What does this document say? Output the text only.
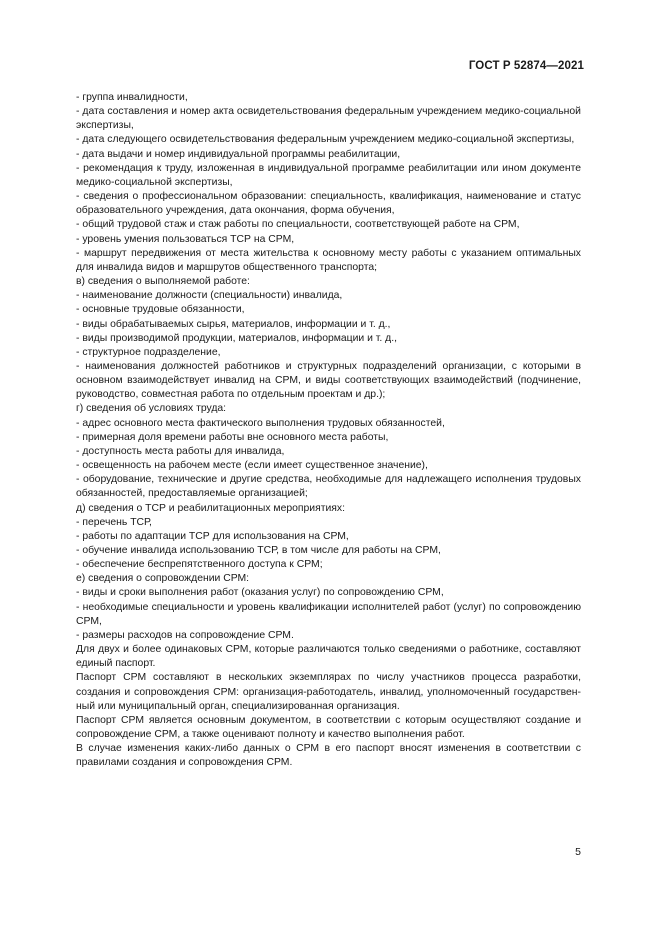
ГОСТ Р 52874—2021

- группа инвалидности,

- дата составления и номер акта освидетельствования федеральным учреждением медико-социальной экспертизы,

- дата следующего освидетельствования федеральным учреждением медико-социальной экспертизы,

- дата выдачи и номер индивидуальной программы реабилитации,

- рекомендация к труду, изложенная в индивидуальной программе реабилитации или ином документе медико-социальной экспертизы,

- сведения о профессиональном образовании: специальность, квалификация, наименование и статус образовательного учреждения, дата окончания, форма обучения,

- общий трудовой стаж и стаж работы по специальности, соответствующей работе на СРМ,

- уровень умения пользоваться ТСР на СРМ,

- маршрут передвижения от места жительства к основному месту работы с указанием оптимальных для инвалида видов и маршрутов общественного транспорта;

в) сведения о выполняемой работе:

- наименование должности (специальности) инвалида,

- основные трудовые обязанности,

- виды обрабатываемых сырья, материалов, информации и т. д.,

- виды производимой продукции, материалов, информации и т. д.,

- структурное подразделение,

- наименования должностей работников и структурных подразделений организации, с которыми в основном взаимодействует инвалид на СРМ, и виды соответствующих взаимодействий (подчинение, руководство, совместная работа по отдельным проектам и др.);

г) сведения об условиях труда:

- адрес основного места фактического выполнения трудовых обязанностей,

- примерная доля времени работы вне основного места работы,

- доступность места работы для инвалида,

- освещенность на рабочем месте (если имеет существенное значение),

- оборудование, технические и другие средства, необходимые для надлежащего исполнения трудовых обязанностей, предоставляемые организацией;

д) сведения о ТСР и реабилитационных мероприятиях:

- перечень ТСР,

- работы по адаптации ТСР для использования на СРМ,

- обучение инвалида использованию ТСР, в том числе для работы на СРМ,

- обеспечение беспрепятственного доступа к СРМ;

е) сведения о сопровождении СРМ:

- виды и сроки выполнения работ (оказания услуг) по сопровождению СРМ,

- необходимые специальности и уровень квалификации исполнителей работ (услуг) по сопровождению СРМ,

- размеры расходов на сопровождение СРМ.

Для двух и более одинаковых СРМ, которые различаются только сведениями о работнике, составляют единый паспорт.

Паспорт СРМ составляют в нескольких экземплярах по числу участников процесса разработки, создания и сопровождения СРМ: организация-работодатель, инвалид, уполномоченный государственный или муниципальный орган, специализированная организация.

Паспорт СРМ является основным документом, в соответствии с которым осуществляют создание и сопровождение СРМ, а также оценивают полноту и качество выполнения работ.

В случае изменения каких-либо данных о СРМ в его паспорт вносят изменения в соответствии с правилами создания и сопровождения СРМ.

5
